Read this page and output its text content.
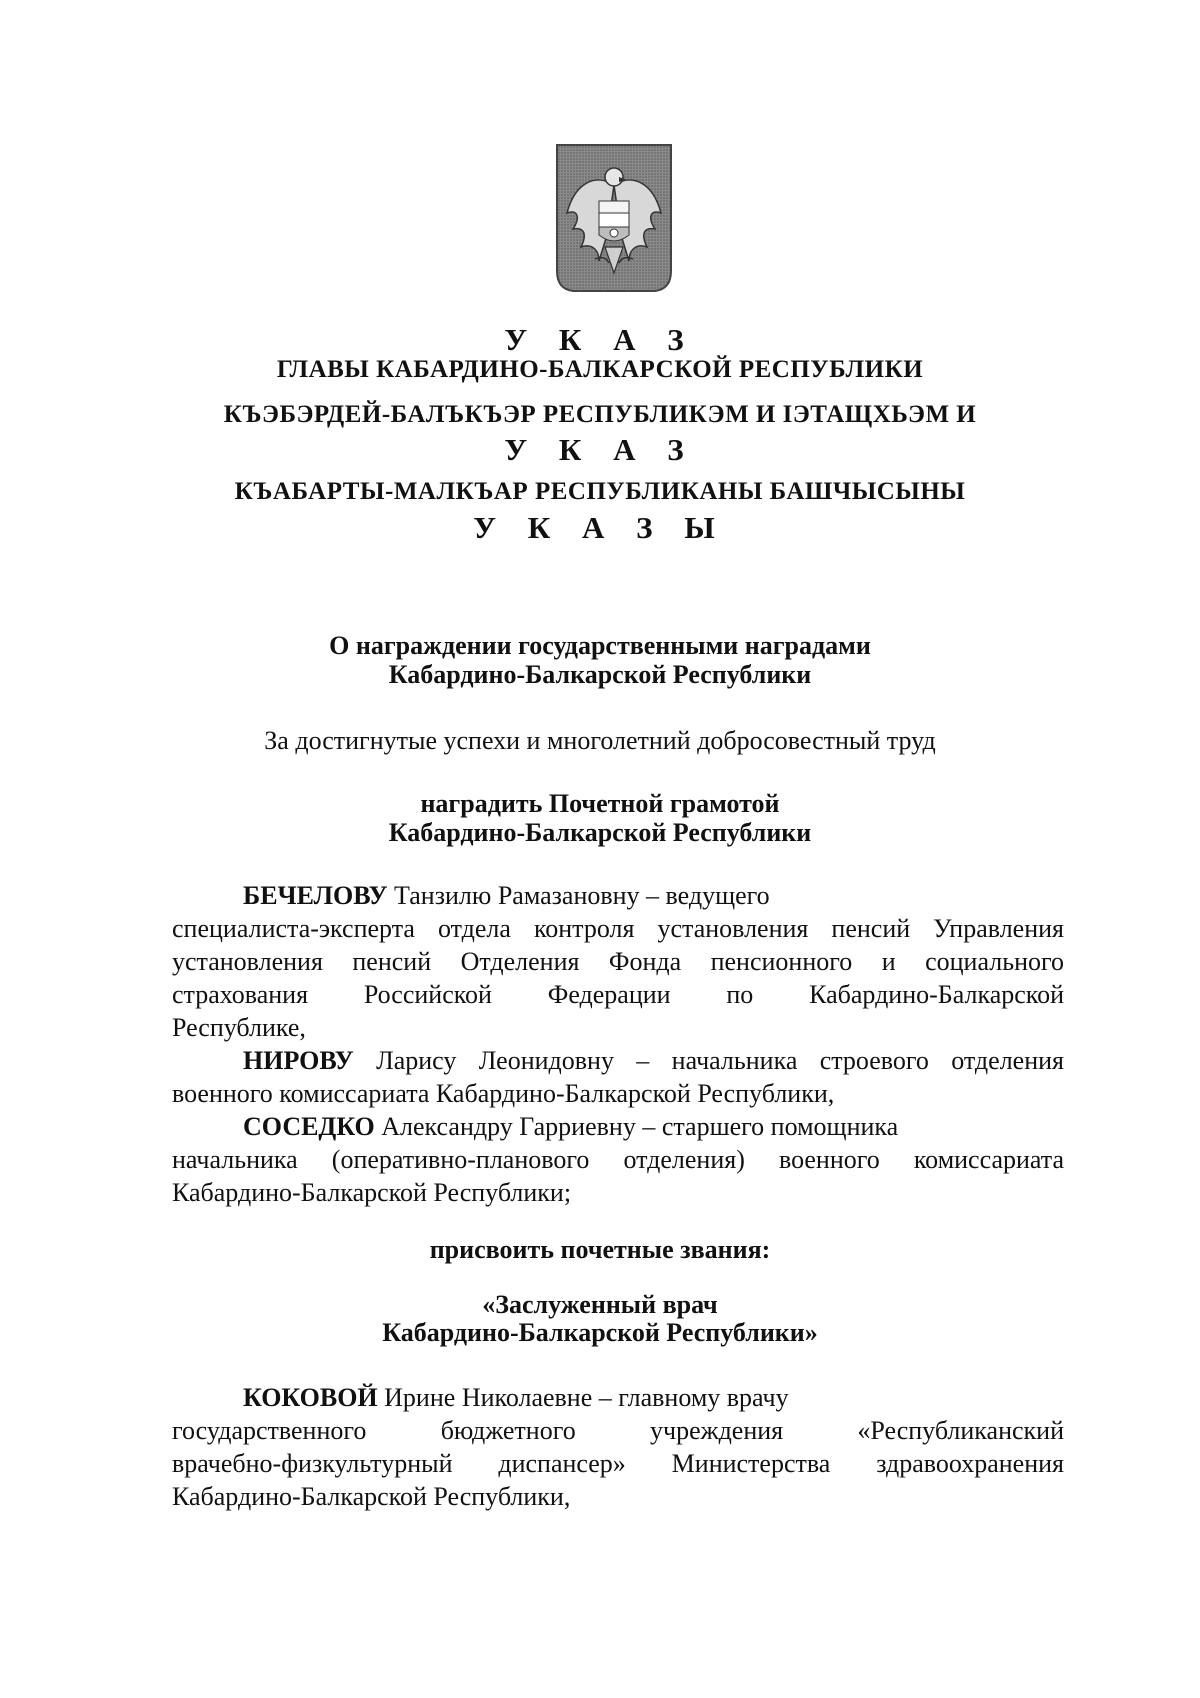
У К А З
ГЛАВЫ КАБАРДИНО-БАЛКАРСКОЙ РЕСПУБЛИКИ
КЪЭБЭРДЕЙ-БАЛЪКЪЭР РЕСПУБЛИКЭМ И IЭТАЩХЬЭМ И
У К А З
КЪАБАРТЫ-МАЛКЪАР РЕСПУБЛИКАНЫ БАШЧЫСЫНЫ
У К А З Ы
О награждении государственными наградами
Кабардино-Балкарской Республики
За достигнутые успехи и многолетний добросовестный труд
наградить Почетной грамотой
Кабардино-Балкарской Республики
БЕЧЕЛОВУ Танзилю Рамазановну – ведущего
специалиста-эксперта отдела контроля установления пенсий Управления
установления пенсий Отделения Фонда пенсионного и социального
страхования Российской Федерации по Кабардино-Балкарской
Республике,
НИРОВУ Ларису Леонидовну – начальника строевого отделения
военного комиссариата Кабардино-Балкарской Республики,
СОСЕДКО Александру Гарриевну – старшего помощника
начальника (оперативно-планового отделения) военного комиссариата
Кабардино-Балкарской Республики;
присвоить почетные звания:
«Заслуженный врач
Кабардино-Балкарской Республики»
КОКОВОЙ Ирине Николаевне – главному врачу
государственного бюджетного учреждения «Республиканский
врачебно-физкультурный диспансер» Министерства здравоохранения
Кабардино-Балкарской Республики,
